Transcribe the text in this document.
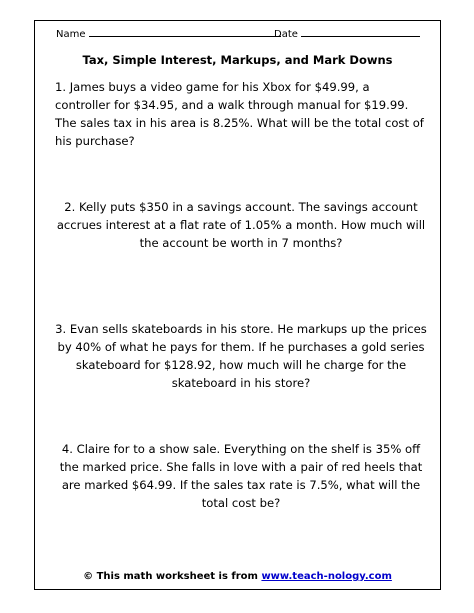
Name	Date
Tax, Simple Interest, Markups, and Mark Downs

1. James buys a video game for his Xbox for $49.99, a controller for $34.95, and a walk through manual for $19.99. The sales tax in his area is 8.25%. What will be the total cost of his purchase?

2. Kelly puts $350 in a savings account. The savings account accrues interest at a flat rate of 1.05% a month. How much will the account be worth in 7 months?

3. Evan sells skateboards in his store. He markups up the prices by 40% of what he pays for them. If he purchases a gold series skateboard for $128.92, how much will he charge for the skateboard in his store?

4. Claire for to a show sale. Everything on the shelf is 35% off the marked price. She falls in love with a pair of red heels that are marked $64.99. If the sales tax rate is 7.5%, what will the total cost be?

© This math worksheet is from www.teach-nology.com
